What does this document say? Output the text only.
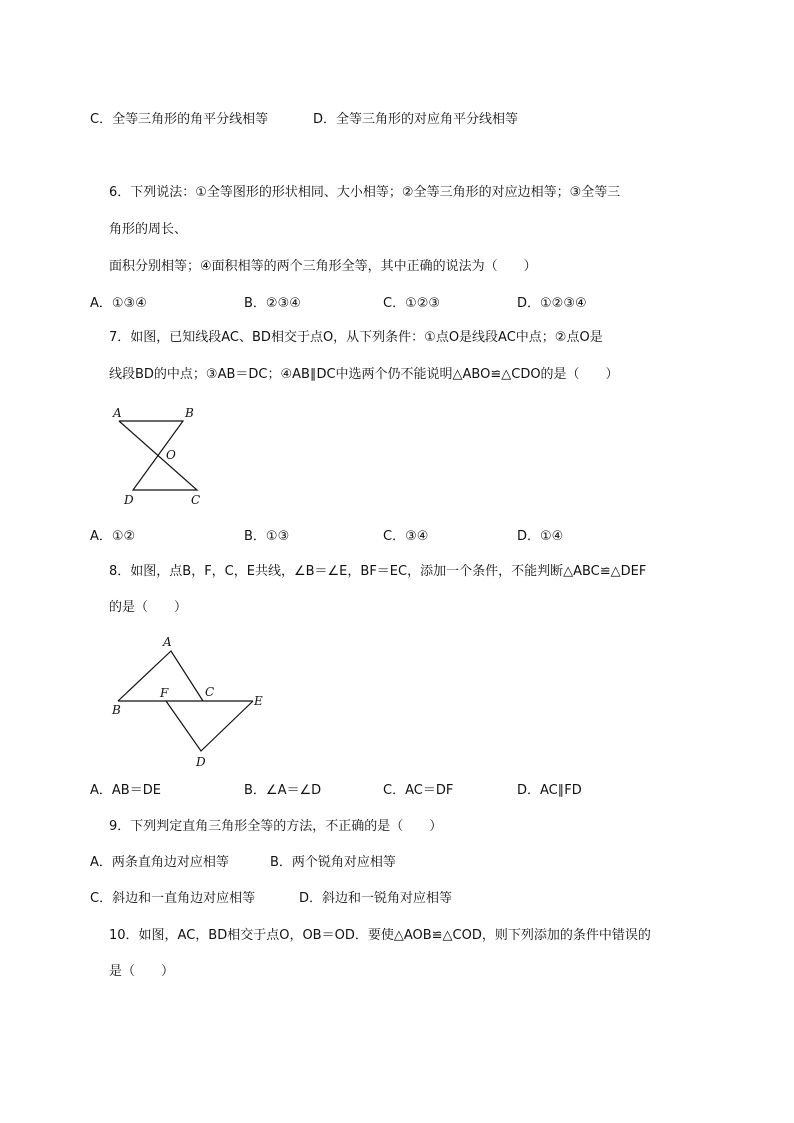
C．全等三角形的角平分线相等	D．全等三角形的对应角平分线相等
6．下列说法：①全等图形的形状相同、大小相等；②全等三角形的对应边相等；③全等三
角形的周长、
面积分别相等；④面积相等的两个三角形全等，其中正确的说法为（　　）
A．①③④	B．②③④	C．①②③	D．①②③④
7．如图，已知线段AC、BD相交于点O，从下列条件：①点O是线段AC中点；②点O是
线段BD的中点；③AB＝DC；④AB∥DC中选两个仍不能说明△ABO≌△CDO的是（　　）
A	B
O
D	C
A．①②	B．①③	C．③④	D．①④
8．如图，点B，F，C，E共线，∠B＝∠E，BF＝EC，添加一个条件，不能判断△ABC≌△DEF
的是（　　）
A
F	C
E
B
D
A．AB＝DE	B．∠A＝∠D	C．AC＝DF	D．AC∥FD
9．下列判定直角三角形全等的方法，不正确的是（　　）
A．两条直角边对应相等	B．两个锐角对应相等
C．斜边和一直角边对应相等	D．斜边和一锐角对应相等
10．如图，AC，BD相交于点O，OB＝OD．要使△AOB≌△COD，则下列添加的条件中错误的
是（　　）
